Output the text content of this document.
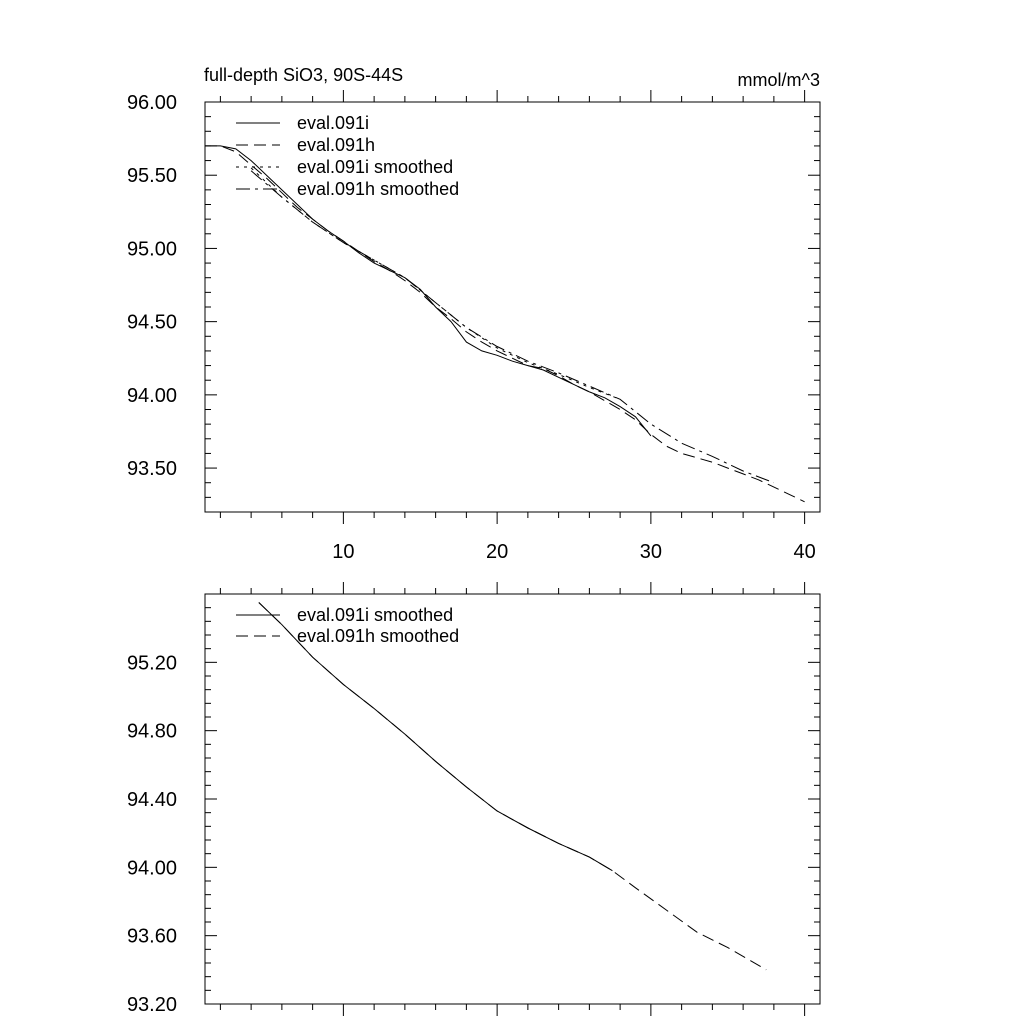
full-depth SiO3, 90S-44S	mmol/m^3
93.50
94.00
94.50
95.00
95.50
96.00
10	20	30	40
eval.091i
eval.091h
eval.091i smoothed
eval.091h smoothed
93.20
93.60
94.00
94.40
94.80
95.20
eval.091i smoothed
eval.091h smoothed
